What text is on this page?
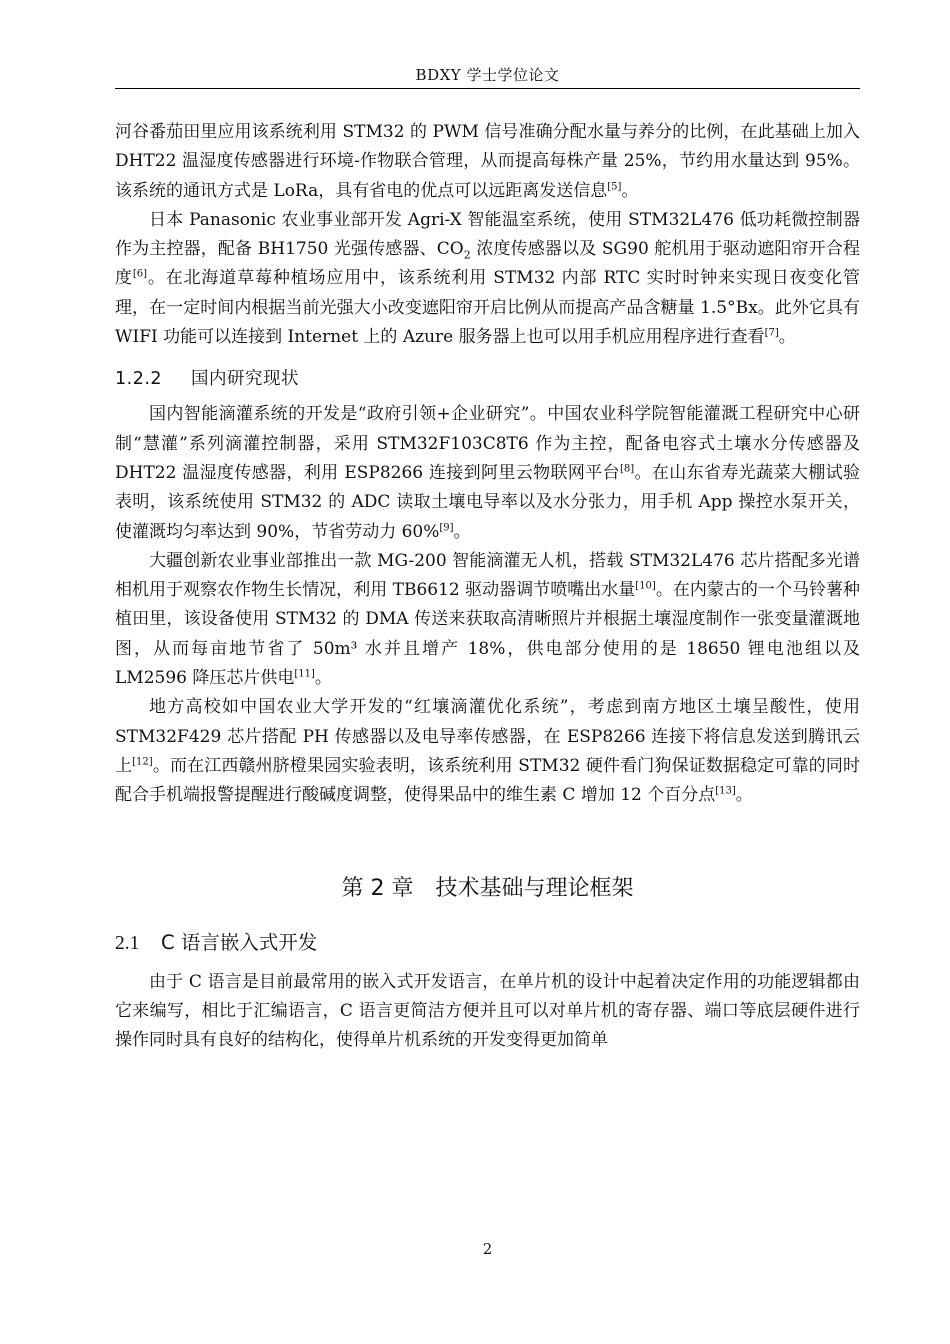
BDXY 学士学位论文

河谷番茄田里应用该系统利用 STM32 的 PWM 信号准确分配水量与养分的比例，在此基础上加入 DHT22 温湿度传感器进行环境-作物联合管理，从而提高每株产量 25%，节约用水量达到 95%。该系统的通讯方式是 LoRa，具有省电的优点可以远距离发送信息[5]。

日本 Panasonic 农业事业部开发 Agri-X 智能温室系统，使用 STM32L476 低功耗微控制器作为主控器，配备 BH1750 光强传感器、$CO_2$ 浓度传感器以及 SG90 舵机用于驱动遮阳帘开合程度[6]。在北海道草莓种植场应用中，该系统利用 STM32 内部 RTC 实时时钟来实现日夜变化管理，在一定时间内根据当前光强大小改变遮阳帘开启比例从而提高产品含糖量 1.5°Bx。此外它具有 WIFI 功能可以连接到 Internet 上的 Azure 服务器上也可以用手机应用程序进行查看[7]。

1.2.2 国内研究现状

国内智能滴灌系统的开发是“政府引领+企业研究”。中国农业科学院智能灌溉工程研究中心研制“慧灌”系列滴灌控制器，采用 STM32F103C8T6 作为主控，配备电容式土壤水分传感器及 DHT22 温湿度传感器，利用 ESP8266 连接到阿里云物联网平台[8]。在山东省寿光蔬菜大棚试验表明，该系统使用 STM32 的 ADC 读取土壤电导率以及水分张力，用手机 App 操控水泵开关，使灌溉均匀率达到 90%，节省劳动力 60%[9]。

大疆创新农业事业部推出一款 MG-200 智能滴灌无人机，搭载 STM32L476 芯片搭配多光谱相机用于观察农作物生长情况，利用 TB6612 驱动器调节喷嘴出水量[10]。在内蒙古的一个马铃薯种植田里，该设备使用 STM32 的 DMA 传送来获取高清晰照片并根据土壤湿度制作一张变量灌溉地图，从而每亩地节省了 50m³ 水并且增产 18%，供电部分使用的是 18650 锂电池组以及 LM2596 降压芯片供电[11]。

地方高校如中国农业大学开发的“红壤滴灌优化系统”，考虑到南方地区土壤呈酸性，使用 STM32F429 芯片搭配 PH 传感器以及电导率传感器，在 ESP8266 连接下将信息发送到腾讯云上[12]。而在江西赣州脐橙果园实验表明，该系统利用 STM32 硬件看门狗保证数据稳定可靠的同时配合手机端报警提醒进行酸碱度调整，使得果品中的维生素 C 增加 12 个百分点[13]。

第 2 章 技术基础与理论框架
2.1 C 语言嵌入式开发

由于 C 语言是目前最常用的嵌入式开发语言，在单片机的设计中起着决定作用的功能逻辑都由它来编写，相比于汇编语言，C 语言更简洁方便并且可以对单片机的寄存器、端口等底层硬件进行操作同时具有良好的结构化，使得单片机系统的开发变得更加简单

2
